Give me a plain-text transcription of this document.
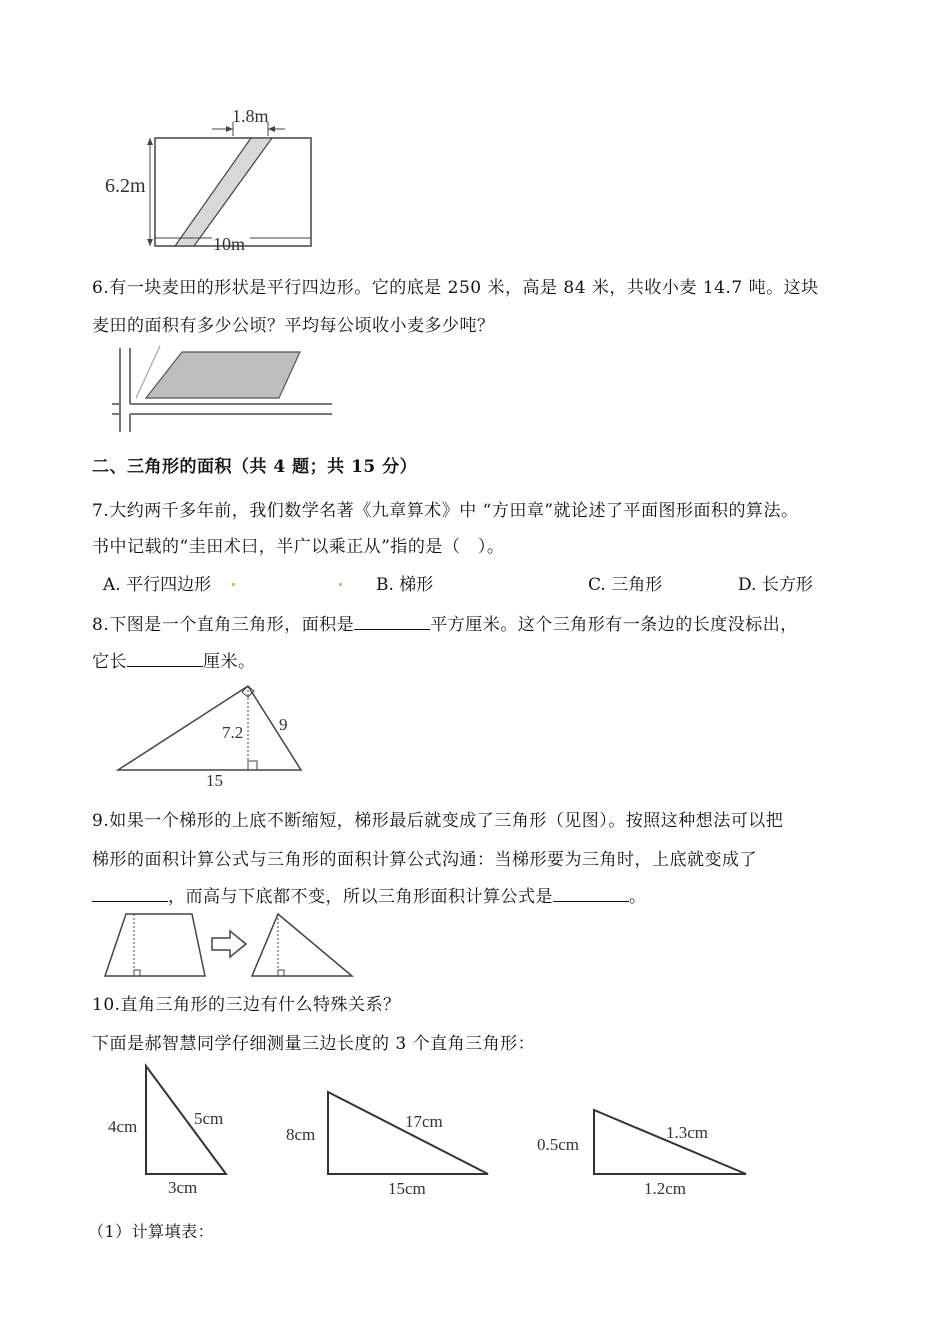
1.8m
6.2m
10m
6.有一块麦田的形状是平行四边形。它的底是 250 米，高是 84 米，共收小麦 14.7 吨。这块
麦田的面积有多少公顷？平均每公顷收小麦多少吨？
二、三角形的面积（共 4 题；共 15 分）
7.大约两千多年前，我们数学名著《九章算术》中 “方田章”就论述了平面图形面积的算法。
书中记载的“圭田术曰，半广以乘正从”指的是（　）。
A. 平行四边形	B. 梯形	C. 三角形	D. 长方形
8.下图是一个直角三角形，面积是	平方厘米。这个三角形有一条边的长度没标出，
它长	厘米。
7.2 9
15
9.如果一个梯形的上底不断缩短，梯形最后就变成了三角形（见图）。按照这种想法可以把
梯形的面积计算公式与三角形的面积计算公式沟通：当梯形要为三角时，上底就变成了
，而高与下底都不变，所以三角形面积计算公式是	。
10.直角三角形的三边有什么特殊关系？
下面是郝智慧同学仔细测量三边长度的 3 个直角三角形：
4cm	5cm
3cm
8cm
17cm
15cm
0.5cm
1.3cm
1.2cm
（1）计算填表：
